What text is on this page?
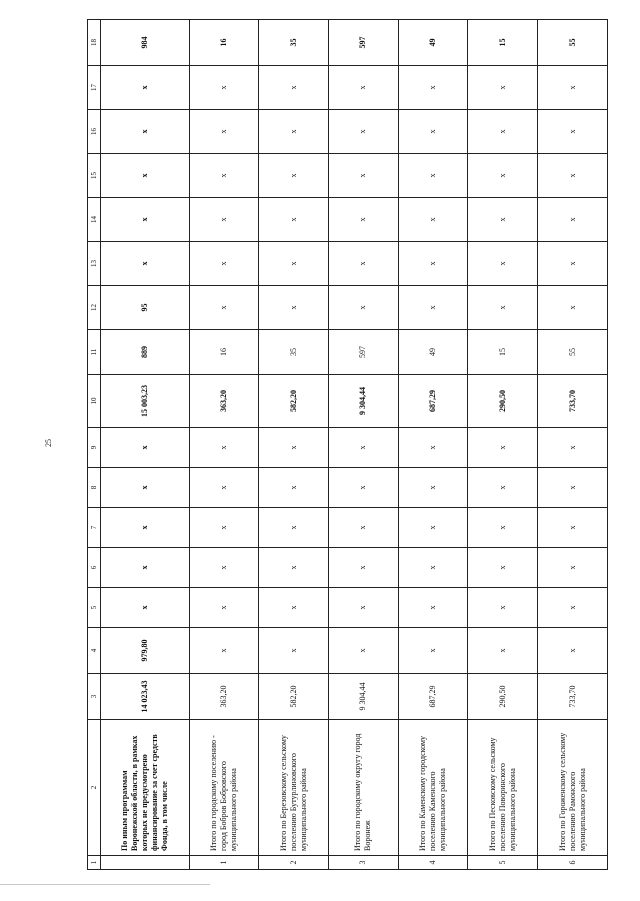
25
1	2	3	4	5	6	7	8	9	10	11	12	13	14	15	16	17	18
	По иным программам Воронежской области, в рамках которых не предусмотрено финансирование за счет средств Фонда, в том числе	14 023,43	979,80	x	x	x	x	x	15 003,23	889	95	x	x	x	x	x	984
1	Итого по городскому поселению - город Бобров Бобровского муниципального района	363,20	x	x	x	x	x	x	363,20	16	x	x	x	x	x	x	16
2	Итого по Березовскому сельскому поселению Бутурлиновского муниципального района	582,20	x	x	x	x	x	x	582,20	35	x	x	x	x	x	x	35
3	Итого по городскому округу город Воронеж	9 304,44	x	x	x	x	x	x	9 304,44	597	x	x	x	x	x	x	597
4	Итого по Каменскому городскому поселению Каменского муниципального района	687,29	x	x	x	x	x	x	687,29	49	x	x	x	x	x	x	49
5	Итого по Песковскому сельскому поселению Поворинского муниципального района	290,50	x	x	x	x	x	x	290,50	15	x	x	x	x	x	x	15
6	Итого по Гороженскому сельскому поселению Рамонского муниципального района	733,70	x	x	x	x	x	x	733,70	55	x	x	x	x	x	x	55
